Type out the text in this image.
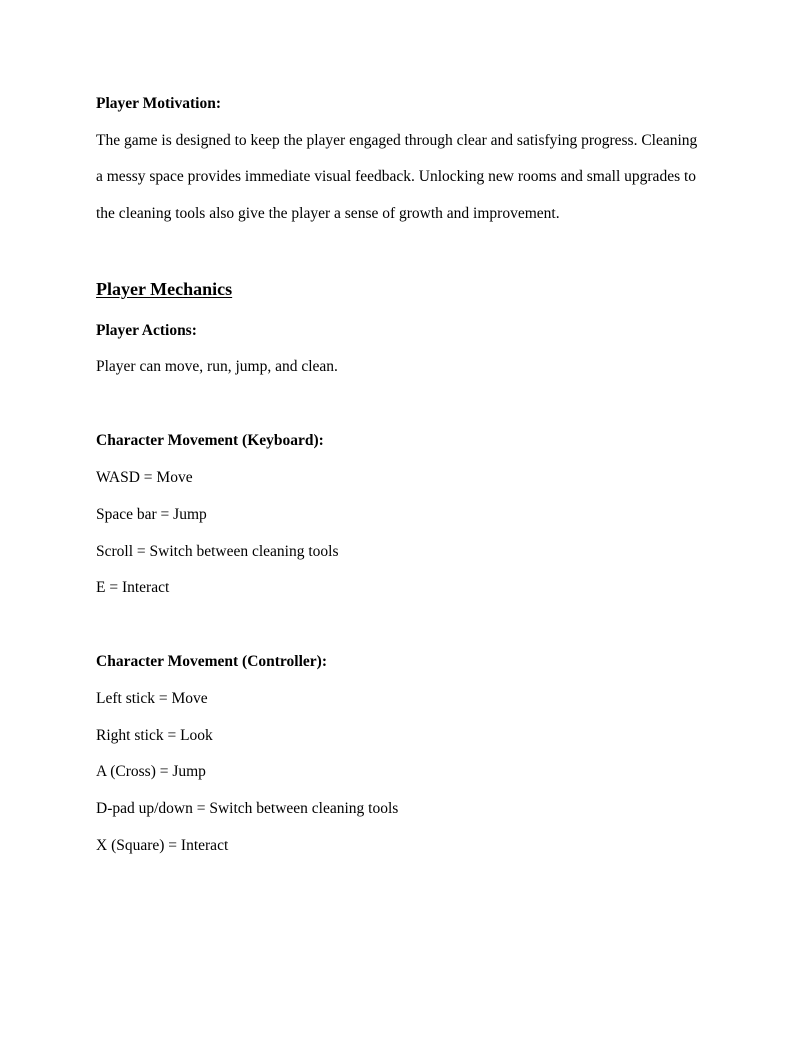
Player Motivation:
The game is designed to keep the player engaged through clear and satisfying progress. Cleaning
a messy space provides immediate visual feedback. Unlocking new rooms and small upgrades to
the cleaning tools also give the player a sense of growth and improvement.
Player Mechanics
Player Actions:
Player can move, run, jump, and clean.
Character Movement (Keyboard):
WASD = Move
Space bar = Jump
Scroll = Switch between cleaning tools
E = Interact
Character Movement (Controller):
Left stick = Move
Right stick = Look
A (Cross) = Jump
D-pad up/down = Switch between cleaning tools
X (Square) = Interact
